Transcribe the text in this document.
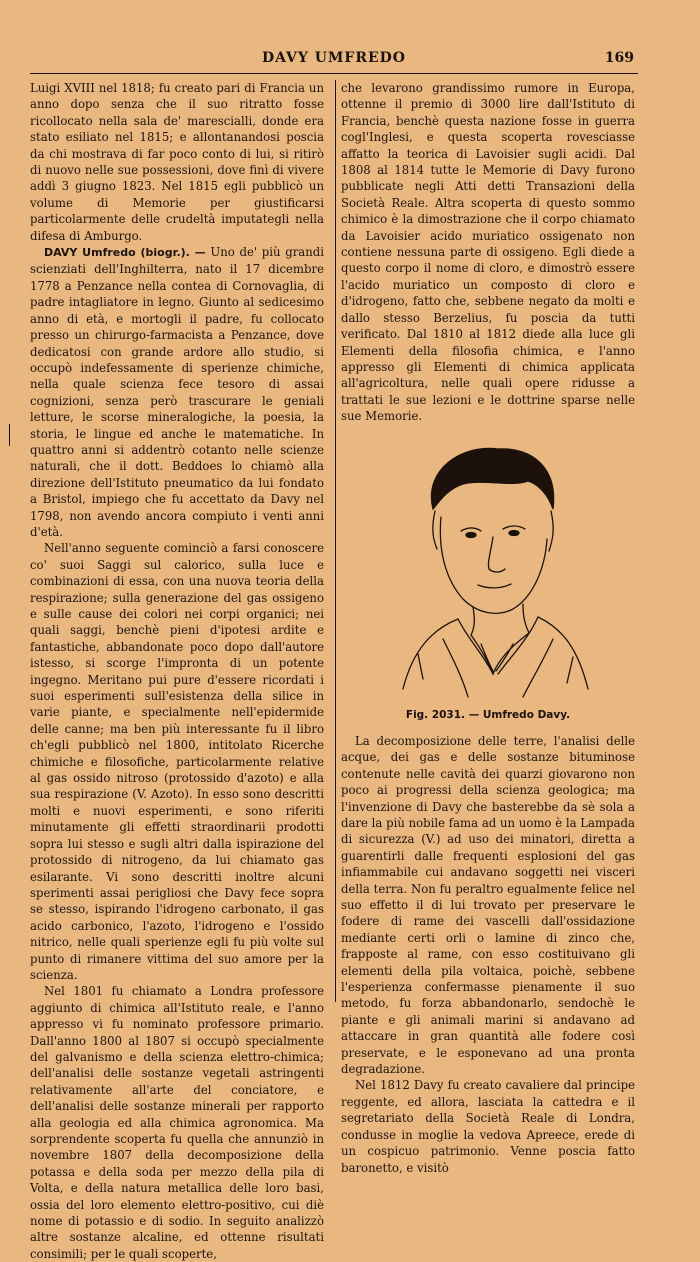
DAVY UMFREDO	169

Luigi XVIII nel 1818; fu creato pari di Francia un anno dopo senza che il suo ritratto fosse ricollocato nella sala de' marescialli, donde era stato esiliato nel 1815; e allontanandosi poscia da chi mostrava di far poco conto di lui, si ritirò di nuovo nelle sue possessioni, dove finì di vivere addì 3 giugno 1823. Nel 1815 egli pubblicò un volume di Memorie per giustificarsi particolarmente delle crudeltà imputategli nella difesa di Amburgo.

DAVY Umfredo (biogr.). — Uno de' più grandi scienziati dell'Inghilterra, nato il 17 dicembre 1778 a Penzance nella contea di Cornovaglia, di padre intagliatore in legno. Giunto al sedicesimo anno di età, e mortogli il padre, fu collocato presso un chirurgo-farmacista a Penzance, dove dedicatosi con grande ardore allo studio, si occupò indefessamente di sperienze chimiche, nella quale scienza fece tesoro di assai cognizioni, senza però trascurare le geniali letture, le scorse mineralogiche, la poesia, la storia, le lingue ed anche le matematiche. In quattro anni si addentrò cotanto nelle scienze naturali, che il dott. Beddoes lo chiamò alla direzione dell'Istituto pneumatico da lui fondato a Bristol, impiego che fu accettato da Davy nel 1798, non avendo ancora compiuto i venti anni d'età.

Nell'anno seguente cominciò a farsi conoscere co' suoi Saggi sul calorico, sulla luce e combinazioni di essa, con una nuova teoria della respirazione; sulla generazione del gas ossigeno e sulle cause dei colori nei corpi organici; nei quali saggi, benchè pieni d'ipotesi ardite e fantastiche, abbandonate poco dopo dall'autore istesso, si scorge l'impronta di un potente ingegno. Meritano pui pure d'essere ricordati i suoi esperimenti sull'esistenza della silice in varie piante, e specialmente nell'epidermide delle canne; ma ben più interessante fu il libro ch'egli pubblicò nel 1800, intitolato Ricerche chimiche e filosofiche, particolarmente relative al gas ossido nitroso (protossido d'azoto) e alla sua respirazione (V. Azoto). In esso sono descritti molti e nuovi esperimenti, e sono riferiti minutamente gli effetti straordinarii prodotti sopra lui stesso e sugli altri dalla ispirazione del protossido di nitrogeno, da lui chiamato gas esilarante. Vi sono descritti inoltre alcuni sperimenti assai perigliosi che Davy fece sopra se stesso, ispirando l'idrogeno carbonato, il gas acido carbonico, l'azoto, l'idrogeno e l'ossido nitrico, nelle quali sperienze egli fu più volte sul punto di rimanere vittima del suo amore per la scienza.

Nel 1801 fu chiamato a Londra professore aggiunto di chimica all'Istituto reale, e l'anno appresso vi fu nominato professore primario. Dall'anno 1800 al 1807 si occupò specialmente del galvanismo e della scienza elettro-chimica; dell'analisi delle sostanze vegetali astringenti relativamente all'arte del conciatore, e dell'analisi delle sostanze minerali per rapporto alla geologia ed alla chimica agronomica. Ma sorprendente scoperta fu quella che annunziò in novembre 1807 della decomposizione della potassa e della soda per mezzo della pila di Volta, e della natura metallica delle loro basi, ossia del loro elemento elettro-positivo, cui diè nome di potassio e di sodio. In seguito analizzò altre sostanze alcaline, ed ottenne risultati consimili; per le quali scoperte,

che levarono grandissimo rumore in Europa, ottenne il premio di 3000 lire dall'Istituto di Francia, benchè questa nazione fosse in guerra cogl'Inglesi, e questa scoperta rovesciasse affatto la teorica di Lavoisier sugli acidi. Dal 1808 al 1814 tutte le Memorie di Davy furono pubblicate negli Atti detti Transazioni della Società Reale. Altra scoperta di questo sommo chimico è la dimostrazione che il corpo chiamato da Lavoisier acido muriatico ossigenato non contiene nessuna parte di ossigeno. Egli diede a questo corpo il nome di cloro, e dimostrò essere l'acido muriatico un composto di cloro e d'idrogeno, fatto che, sebbene negato da molti e dallo stesso Berzelius, fu poscia da tutti verificato. Dal 1810 al 1812 diede alla luce gli Elementi della filosofia chimica, e l'anno appresso gli Elementi di chimica applicata all'agricoltura, nelle quali opere ridusse a trattati le sue lezioni e le dottrine sparse nelle sue Memorie.

Fig. 2031. — Umfredo Davy.

La decomposizione delle terre, l'analisi delle acque, dei gas e delle sostanze bituminose contenute nelle cavità dei quarzi giovarono non poco ai progressi della scienza geologica; ma l'invenzione di Davy che basterebbe da sè sola a dare la più nobile fama ad un uomo è la Lampada di sicurezza (V.) ad uso dei minatori, diretta a guarentirli dalle frequenti esplosioni del gas infiammabile cui andavano soggetti nei visceri della terra. Non fu peraltro egualmente felice nel suo effetto il di lui trovato per preservare le fodere di rame dei vascelli dall'ossidazione mediante certi orli o lamine di zinco che, frapposte al rame, con esso costituivano gli elementi della pila voltaica, poichè, sebbene l'esperienza confermasse pienamente il suo metodo, fu forza abbandonarlo, sendochè le piante e gli animali marini si andavano ad attaccare in gran quantità alle fodere così preservate, e le esponevano ad una pronta degradazione.

Nel 1812 Davy fu creato cavaliere dal principe reggente, ed allora, lasciata la cattedra e il segretariato della Società Reale di Londra, condusse in moglie la vedova Apreece, erede di un cospicuo patrimonio. Venne poscia fatto baronetto, e visitò
